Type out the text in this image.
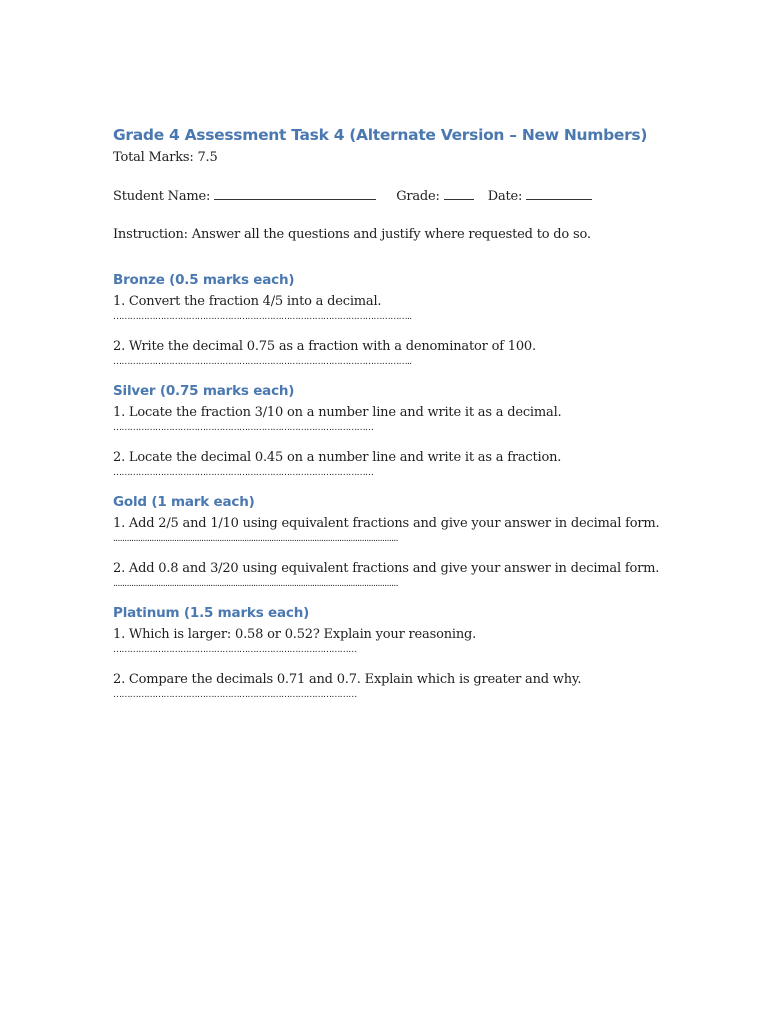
Grade 4 Assessment Task 4 (Alternate Version – New Numbers)
Total Marks: 7.5
Student Name:	Grade:	Date:
Instruction: Answer all the questions and justify where requested to do so.
Bronze (0.5 marks each)
1. Convert the fraction 4/5 into a decimal.
……………………………………………………………………………………………..
2. Write the decimal 0.75 as a fraction with a denominator of 100.
……………………………………………………………………………………………..
Silver (0.75 marks each)
1. Locate the fraction 3/10 on a number line and write it as a decimal.
…………………………………………………………………………………
2. Locate the decimal 0.45 on a number line and write it as a fraction.
…………………………………………………………………………………
Gold (1 mark each)
1. Add 2/5 and 1/10 using equivalent fractions and give your answer in decimal form.
..............................................................................................................................
2. Add 0.8 and 3/20 using equivalent fractions and give your answer in decimal form.
..............................................................................................................................
Platinum (1.5 marks each)
1. Which is larger: 0.58 or 0.52? Explain your reasoning.
……………………………………………………………………………
2. Compare the decimals 0.71 and 0.7. Explain which is greater and why.
……………………………………………………………………………
